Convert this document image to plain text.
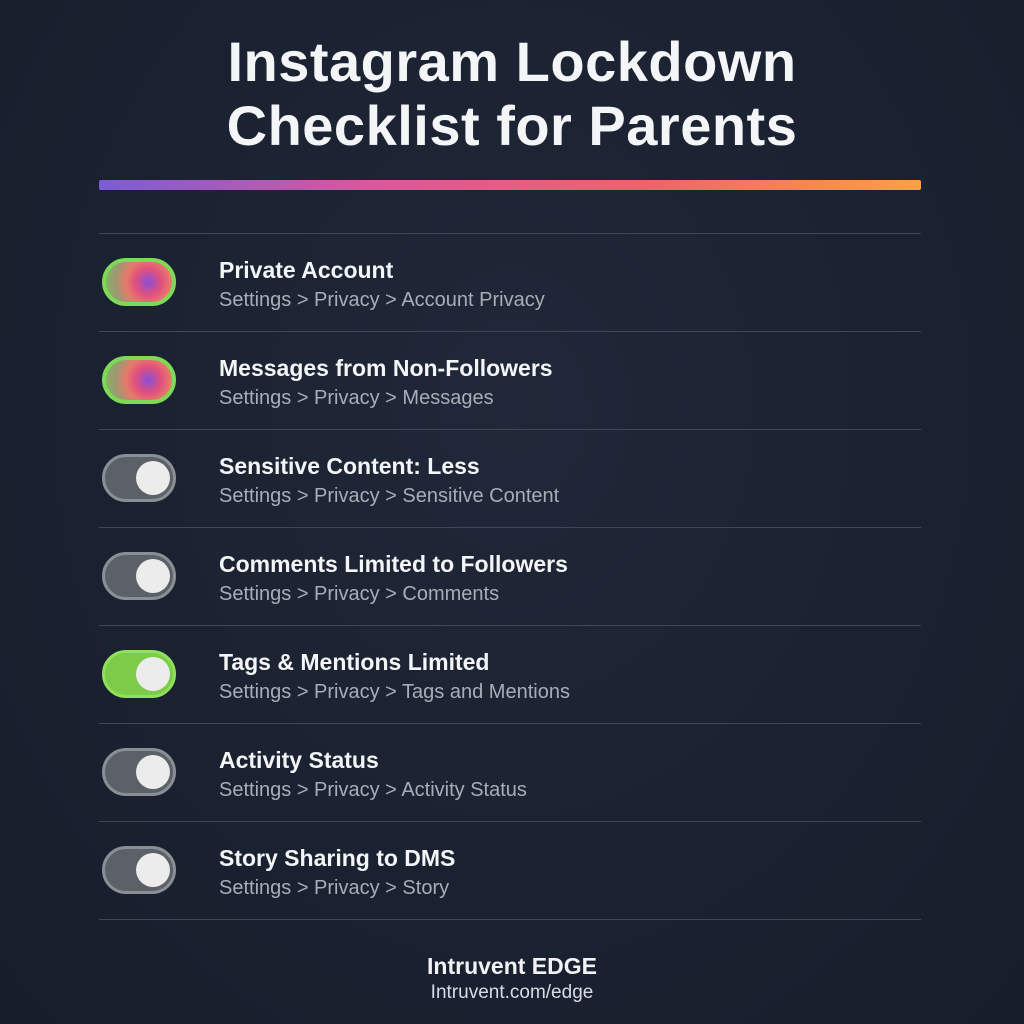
Instagram Lockdown
Checklist for Parents
Private Account
Settings > Privacy > Account Privacy
Messages from Non-Followers
Settings > Privacy > Messages
Sensitive Content: Less
Settings > Privacy > Sensitive Content
Comments Limited to Followers
Settings > Privacy > Comments
Tags & Mentions Limited
Settings > Privacy > Tags and Mentions
Activity Status
Settings > Privacy > Activity Status
Story Sharing to DMS
Settings > Privacy > Story
Intruvent EDGE
Intruvent.com/edge
